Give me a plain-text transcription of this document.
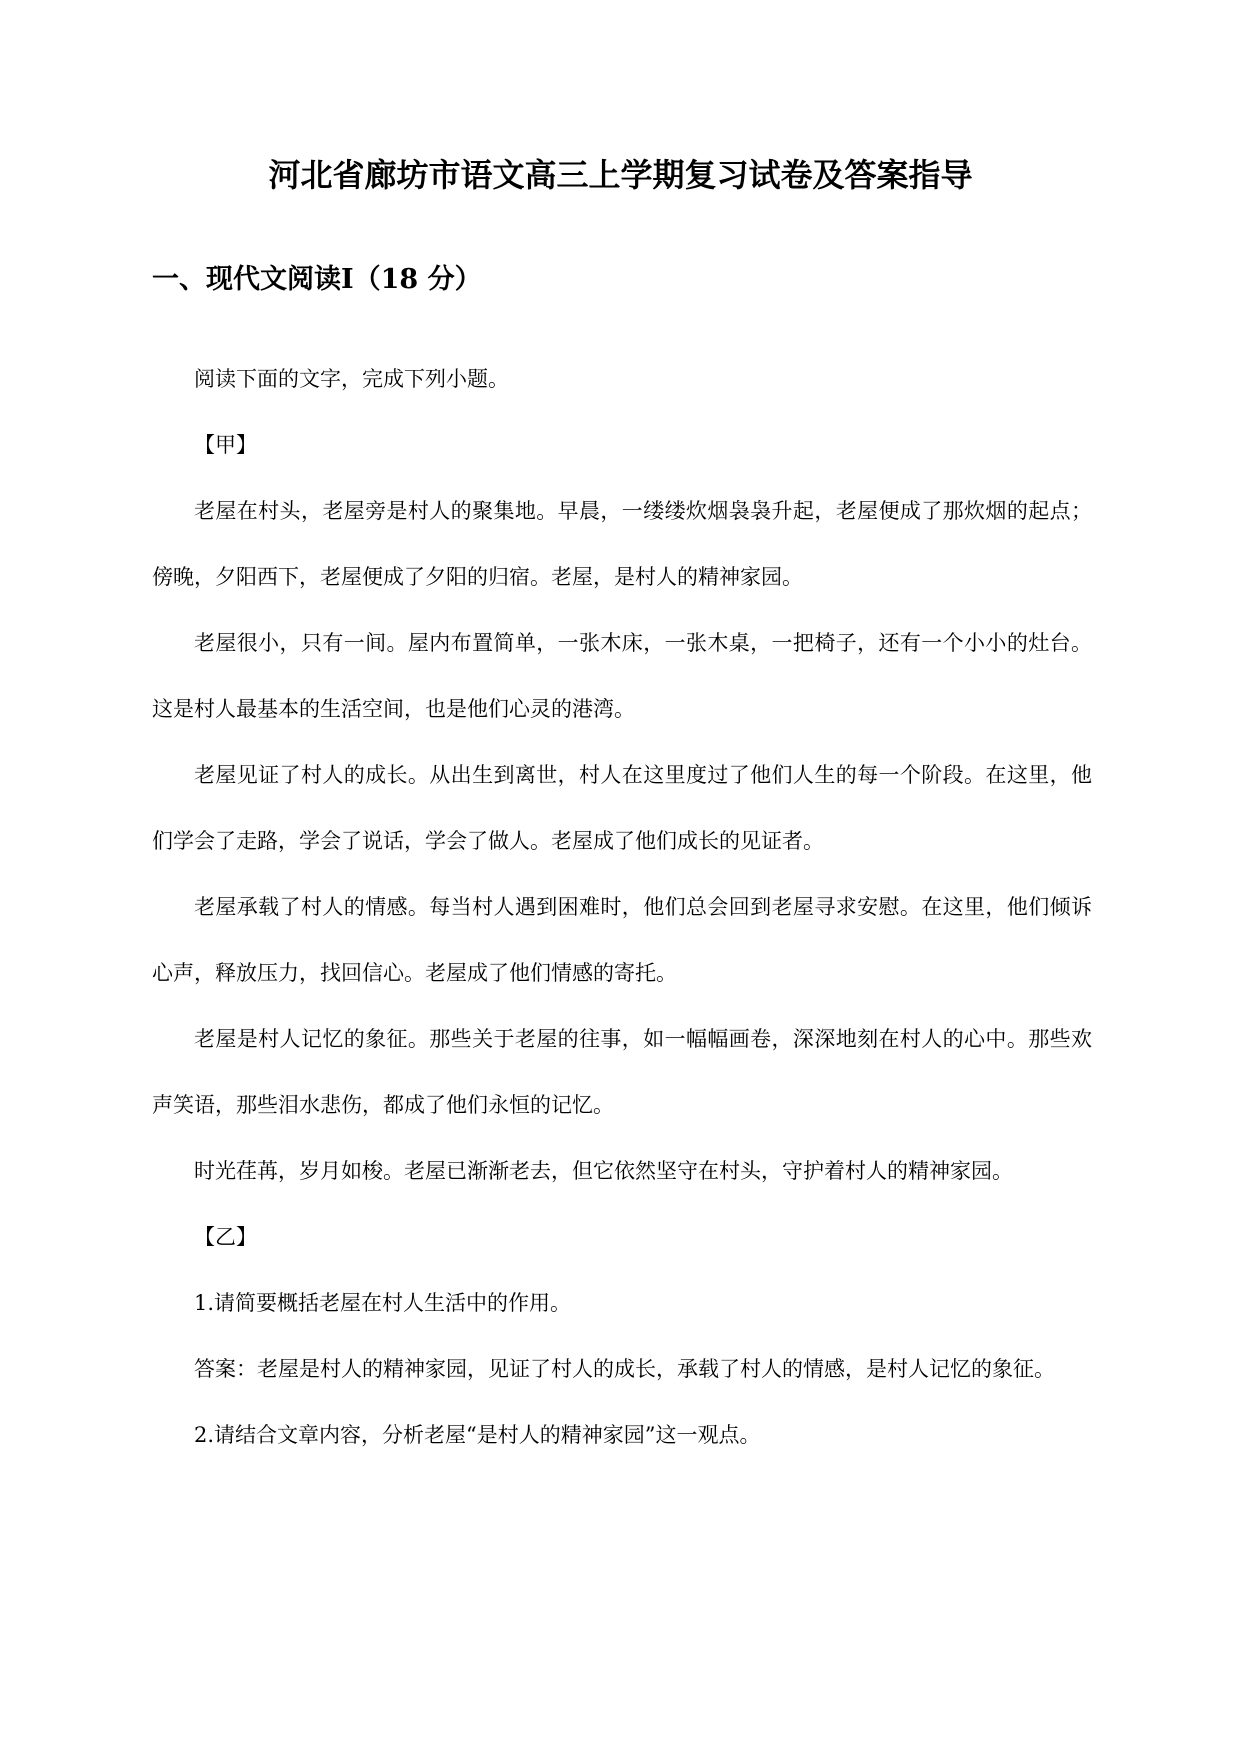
河北省廊坊市语文高三上学期复习试卷及答案指导
一、现代文阅读Ⅰ（18 分）

阅读下面的文字，完成下列小题。

【甲】

老屋在村头，老屋旁是村人的聚集地。早晨，一缕缕炊烟袅袅升起，老屋便成了那炊烟的起点；傍晚，夕阳西下，老屋便成了夕阳的归宿。老屋，是村人的精神家园。

老屋很小，只有一间。屋内布置简单，一张木床，一张木桌，一把椅子，还有一个小小的灶台。这是村人最基本的生活空间，也是他们心灵的港湾。

老屋见证了村人的成长。从出生到离世，村人在这里度过了他们人生的每一个阶段。在这里，他们学会了走路，学会了说话，学会了做人。老屋成了他们成长的见证者。

老屋承载了村人的情感。每当村人遇到困难时，他们总会回到老屋寻求安慰。在这里，他们倾诉心声，释放压力，找回信心。老屋成了他们情感的寄托。

老屋是村人记忆的象征。那些关于老屋的往事，如一幅幅画卷，深深地刻在村人的心中。那些欢声笑语，那些泪水悲伤，都成了他们永恒的记忆。

时光荏苒，岁月如梭。老屋已渐渐老去，但它依然坚守在村头，守护着村人的精神家园。

【乙】

1.请简要概括老屋在村人生活中的作用。

答案：老屋是村人的精神家园，见证了村人的成长，承载了村人的情感，是村人记忆的象征。

2.请结合文章内容，分析老屋“是村人的精神家园”这一观点。
